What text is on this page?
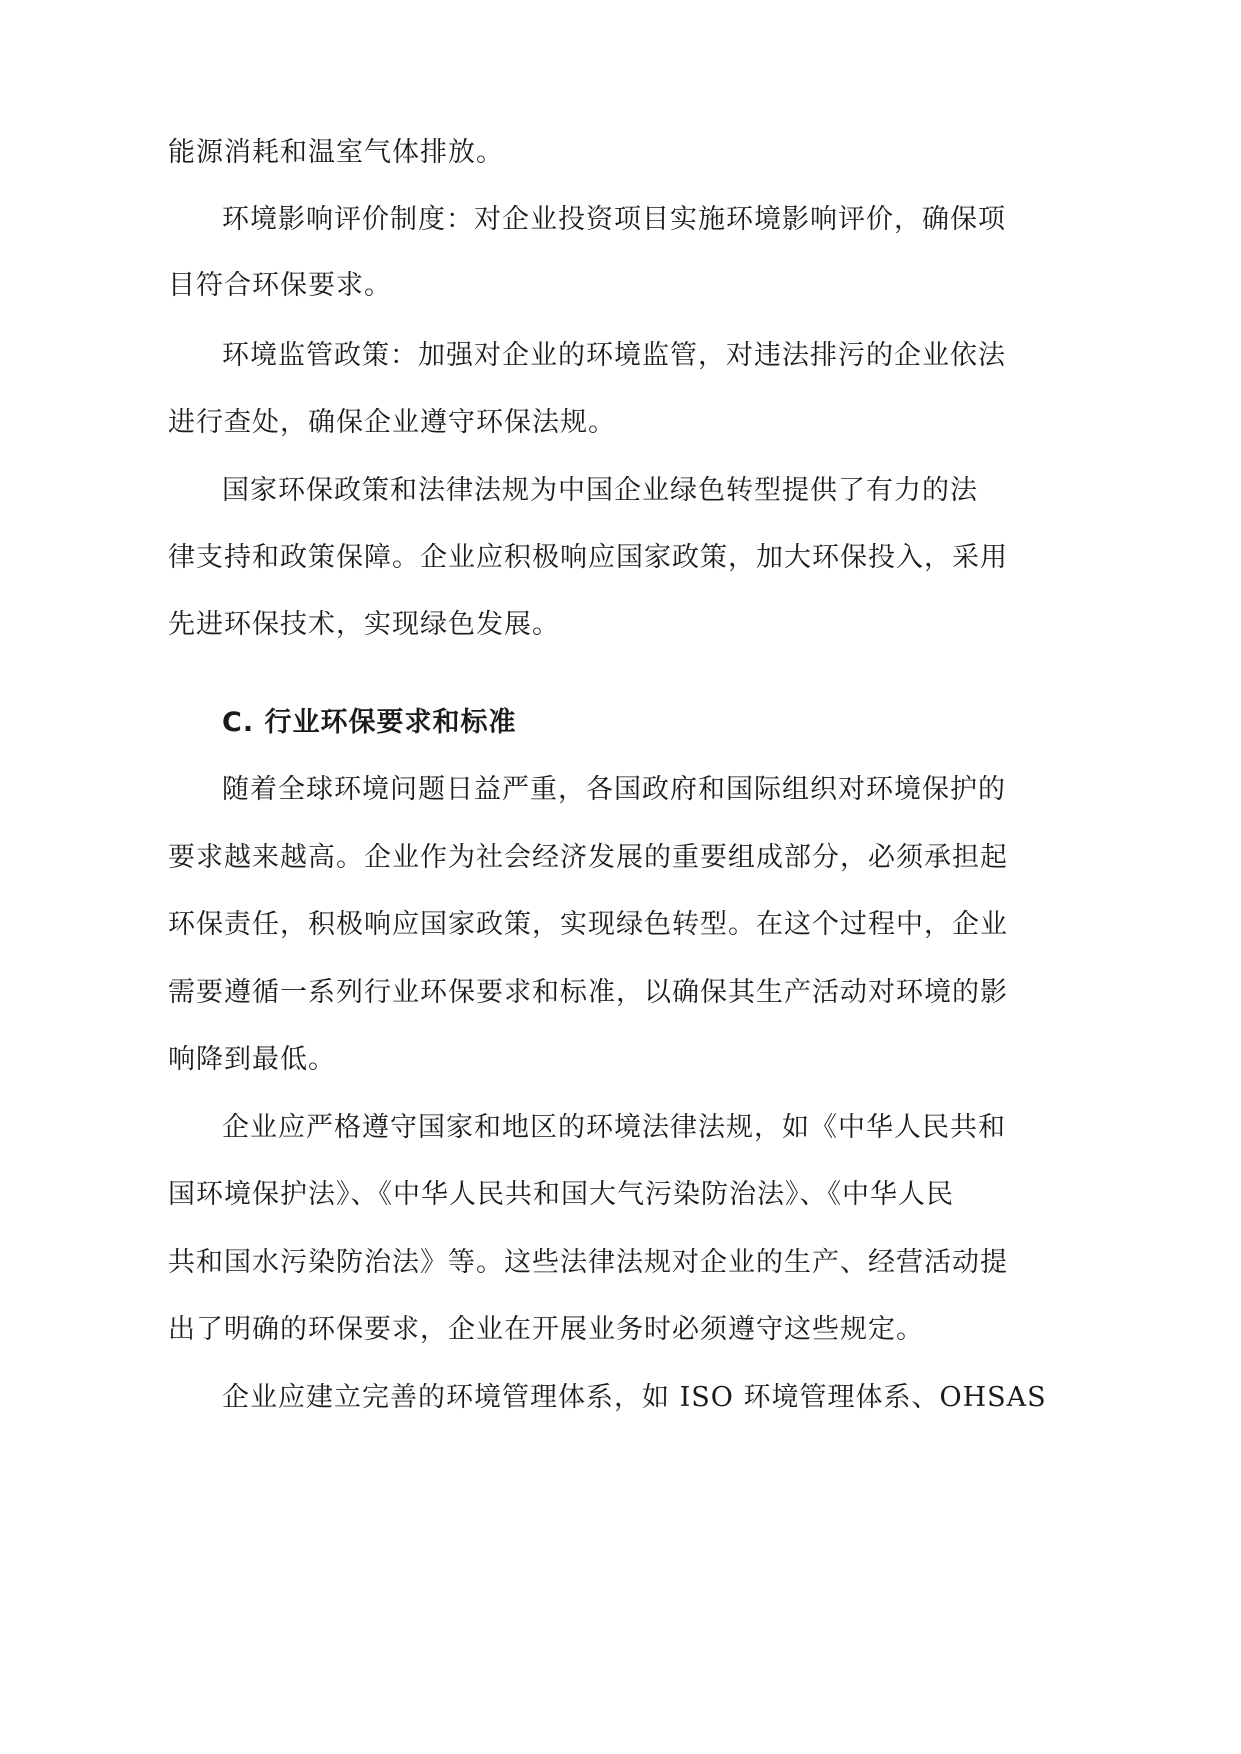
能源消耗和温室气体排放。

环境影响评价制度：对企业投资项目实施环境影响评价，确保项

目符合环保要求。

环境监管政策：加强对企业的环境监管，对违法排污的企业依法

进行查处，确保企业遵守环保法规。

国家环保政策和法律法规为中国企业绿色转型提供了有力的法

律支持和政策保障。企业应积极响应国家政策，加大环保投入，采用

先进环保技术，实现绿色发展。

C. 行业环保要求和标准

随着全球环境问题日益严重，各国政府和国际组织对环境保护的

要求越来越高。企业作为社会经济发展的重要组成部分，必须承担起

环保责任，积极响应国家政策，实现绿色转型。在这个过程中，企业

需要遵循一系列行业环保要求和标准，以确保其生产活动对环境的影

响降到最低。

企业应严格遵守国家和地区的环境法律法规，如《中华人民共和

国环境保护法》、《中华人民共和国大气污染防治法》、《中华人民

共和国水污染防治法》等。这些法律法规对企业的生产、经营活动提

出了明确的环保要求，企业在开展业务时必须遵守这些规定。

企业应建立完善的环境管理体系，如 ISO 环境管理体系、OHSAS
